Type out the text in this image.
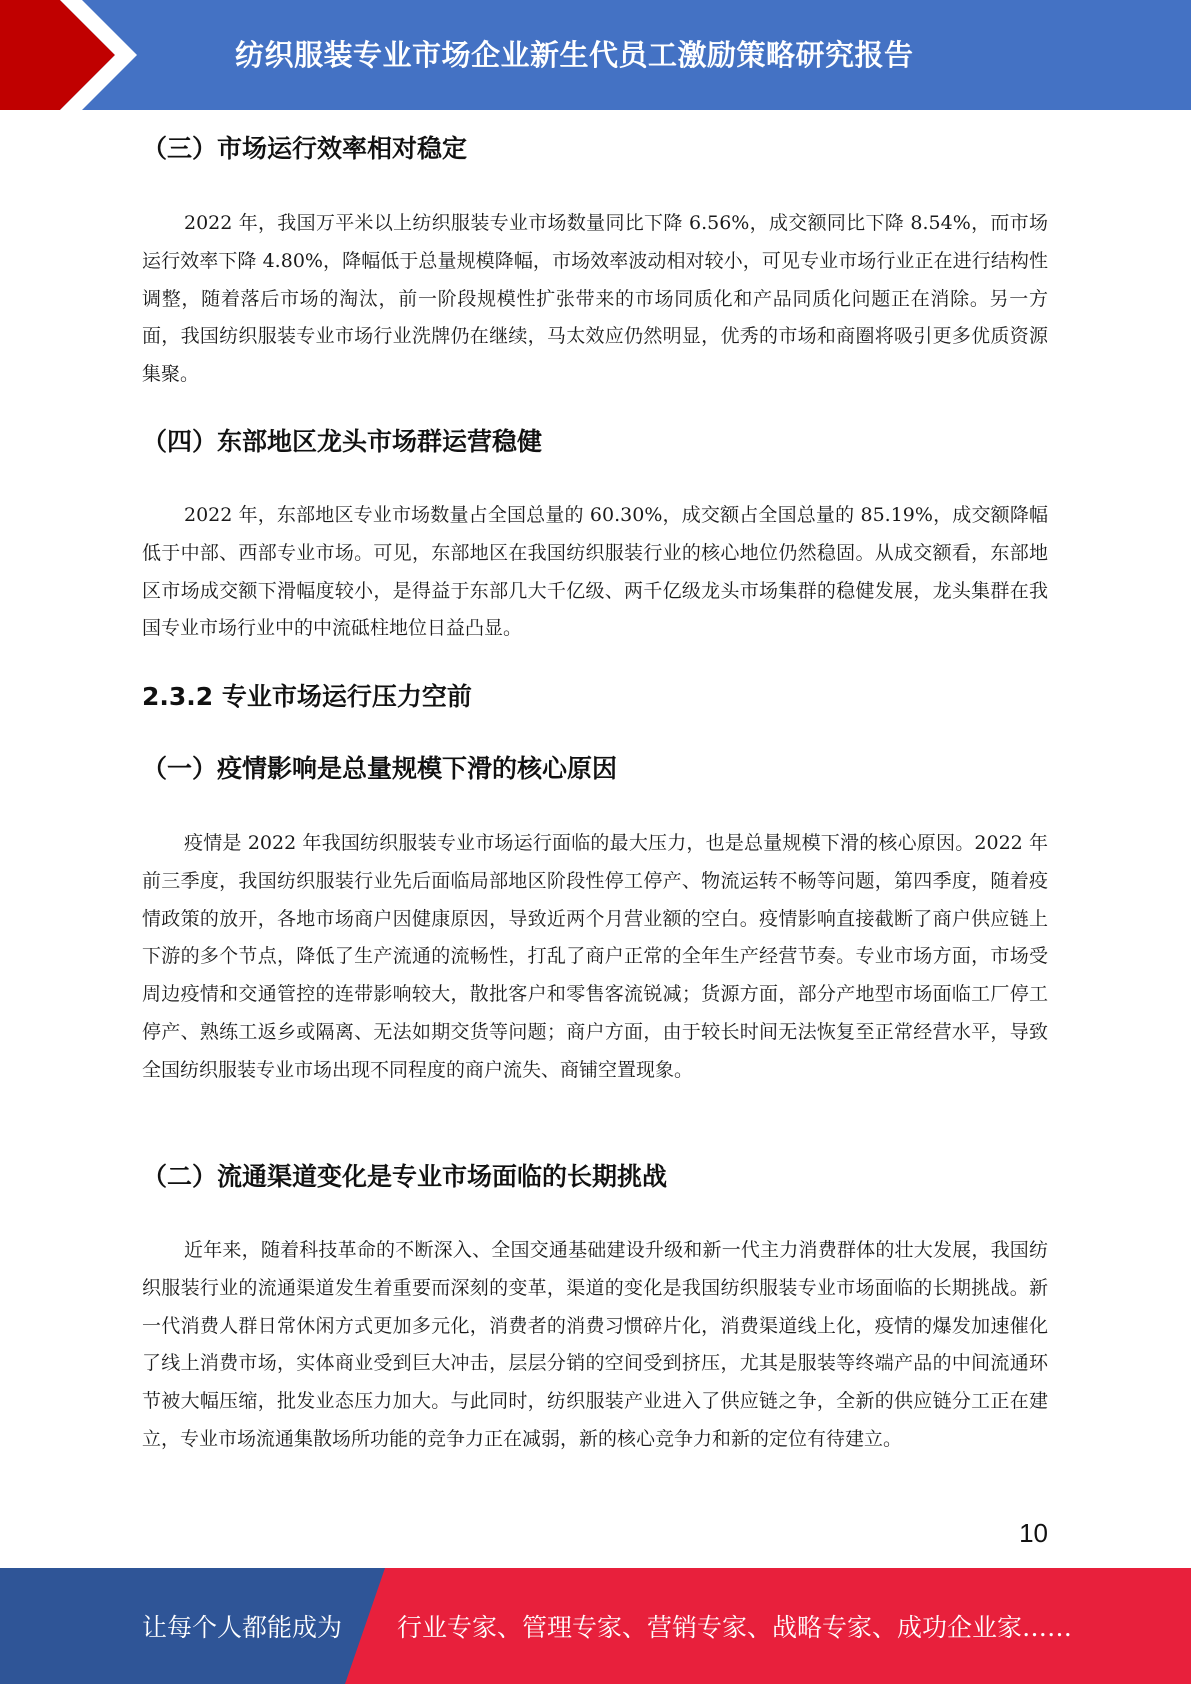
纺织服装专业市场企业新生代员工激励策略研究报告
（三）市场运行效率相对稳定

2022 年，我国万平米以上纺织服装专业市场数量同比下降 6.56%，成交额同比下降 8.54%，而市场运行效率下降 4.80%，降幅低于总量规模降幅，市场效率波动相对较小，可见专业市场行业正在进行结构性调整，随着落后市场的淘汰，前一阶段规模性扩张带来的市场同质化和产品同质化问题正在消除。另一方面，我国纺织服装专业市场行业洗牌仍在继续，马太效应仍然明显，优秀的市场和商圈将吸引更多优质资源集聚。

（四）东部地区龙头市场群运营稳健

2022 年，东部地区专业市场数量占全国总量的 60.30%，成交额占全国总量的 85.19%，成交额降幅低于中部、西部专业市场。可见，东部地区在我国纺织服装行业的核心地位仍然稳固。从成交额看，东部地区市场成交额下滑幅度较小，是得益于东部几大千亿级、两千亿级龙头市场集群的稳健发展，龙头集群在我国专业市场行业中的中流砥柱地位日益凸显。

2.3.2 专业市场运行压力空前
（一）疫情影响是总量规模下滑的核心原因

疫情是 2022 年我国纺织服装专业市场运行面临的最大压力，也是总量规模下滑的核心原因。2022 年前三季度，我国纺织服装行业先后面临局部地区阶段性停工停产、物流运转不畅等问题，第四季度，随着疫情政策的放开，各地市场商户因健康原因，导致近两个月营业额的空白。疫情影响直接截断了商户供应链上下游的多个节点，降低了生产流通的流畅性，打乱了商户正常的全年生产经营节奏。专业市场方面，市场受周边疫情和交通管控的连带影响较大，散批客户和零售客流锐减；货源方面，部分产地型市场面临工厂停工停产、熟练工返乡或隔离、无法如期交货等问题；商户方面，由于较长时间无法恢复至正常经营水平，导致全国纺织服装专业市场出现不同程度的商户流失、商铺空置现象。

（二）流通渠道变化是专业市场面临的长期挑战

近年来，随着科技革命的不断深入、全国交通基础建设升级和新一代主力消费群体的壮大发展，我国纺织服装行业的流通渠道发生着重要而深刻的变革，渠道的变化是我国纺织服装专业市场面临的长期挑战。新一代消费人群日常休闲方式更加多元化，消费者的消费习惯碎片化，消费渠道线上化，疫情的爆发加速催化了线上消费市场，实体商业受到巨大冲击，层层分销的空间受到挤压，尤其是服装等终端产品的中间流通环节被大幅压缩，批发业态压力加大。与此同时，纺织服装产业进入了供应链之争，全新的供应链分工正在建立，专业市场流通集散场所功能的竞争力正在减弱，新的核心竞争力和新的定位有待建立。

10
让每个人都能成为 行业专家、管理专家、营销专家、战略专家、成功企业家……
